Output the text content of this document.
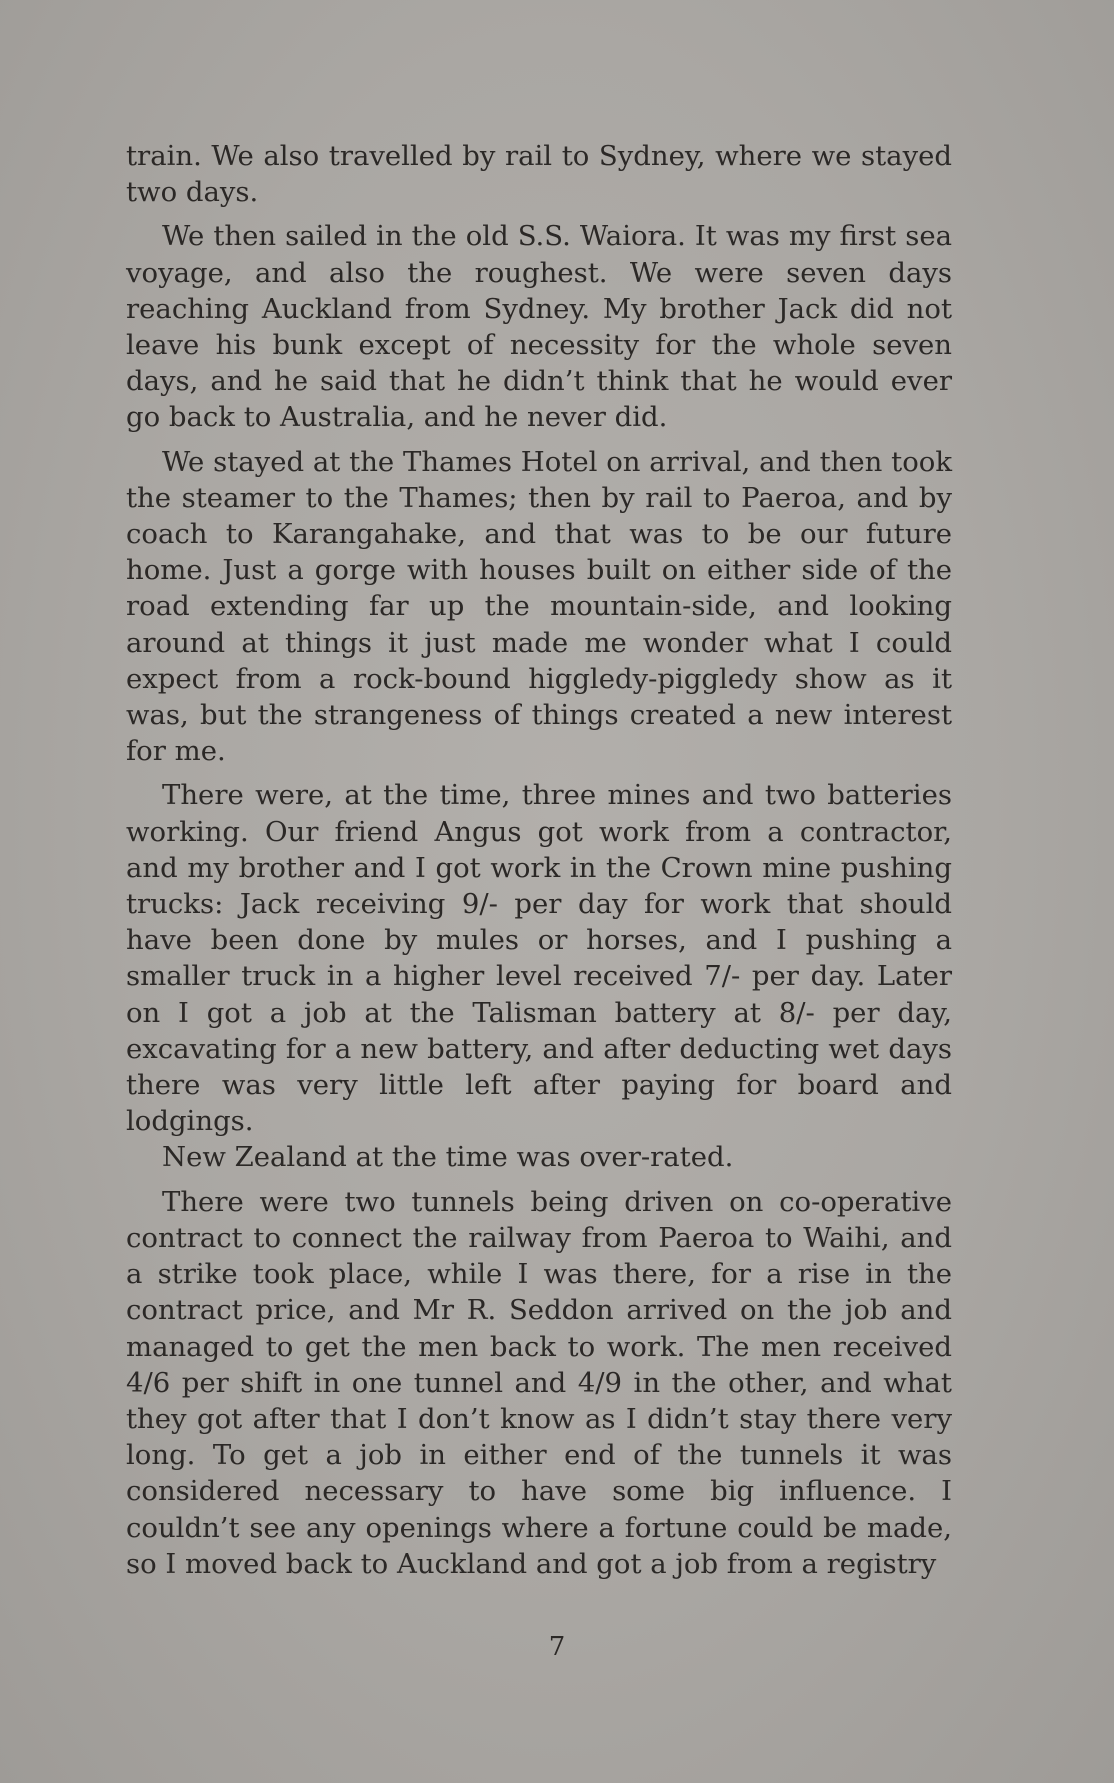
train. We also travelled by rail to Sydney, where we stayed two days.

We then sailed in the old S.S. Waiora. It was my first sea voyage, and also the roughest. We were seven days reaching Auckland from Sydney. My brother Jack did not leave his bunk except of necessity for the whole seven days, and he said that he didn’t think that he would ever go back to Australia, and he never did.

We stayed at the Thames Hotel on arrival, and then took the steamer to the Thames; then by rail to Paeroa, and by coach to Karangahake, and that was to be our future home. Just a gorge with houses built on either side of the road extending far up the mountain-side, and looking around at things it just made me wonder what I could expect from a rock-bound higgledy-piggledy show as it was, but the strangeness of things created a new interest for me.

There were, at the time, three mines and two batteries working. Our friend Angus got work from a contractor, and my brother and I got work in the Crown mine pushing trucks: Jack receiving 9/- per day for work that should have been done by mules or horses, and I pushing a smaller truck in a higher level received 7/- per day. Later on I got a job at the Talisman battery at 8/- per day, excavating for a new battery, and after deducting wet days there was very little left after paying for board and lodgings.

New Zealand at the time was over-rated.

There were two tunnels being driven on co-operative contract to connect the railway from Paeroa to Waihi, and a strike took place, while I was there, for a rise in the contract price, and Mr R. Seddon arrived on the job and managed to get the men back to work. The men received 4/6 per shift in one tunnel and 4/9 in the other, and what they got after that I don’t know as I didn’t stay there very long. To get a job in either end of the tunnels it was considered necessary to have some big influence. I couldn’t see any openings where a fortune could be made, so I moved back to Auckland and got a job from a registry

7
